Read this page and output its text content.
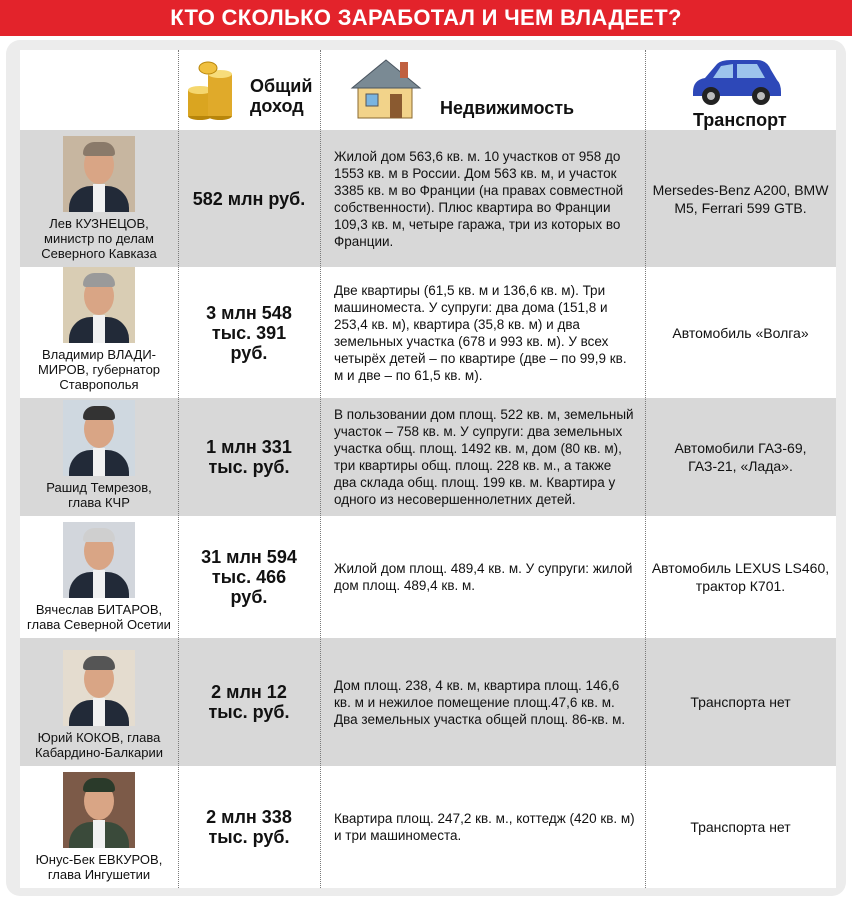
КТО СКОЛЬКО ЗАРАБОТАЛ И ЧЕМ ВЛАДЕЕТ?
Общий
доход	Недвижимость
Транспорт
Лев КУЗНЕЦОВ,
министр по делам
Северного Кавказа
582 млн руб.
Жилой дом 563,6 кв. м. 10 участков от 958 до 1553 кв. м в России. Дом 563 кв. м, и участок 3385 кв. м во Франции (на правах совместной собственности). Плюс квартира во Франции 109,3 кв. м, четыре гаража, три из которых во Франции.
Mersedes-Benz A200, BMW M5, Ferrari 599 GTB.
Владимир ВЛАДИ-
МИРОВ, губернатор
Ставрополья
3 млн 548
тыс. 391
руб.
Две квартиры (61,5 кв. м и 136,6 кв. м). Три машиноместа. У супруги: два дома (151,8 и 253,4 кв. м), квартира (35,8 кв. м) и два земельных участка (678 и 993 кв. м). У всех четырёх детей – по квартире (две – по 99,9 кв. м и две – по 61,5 кв. м).
Автомобиль «Волга»
Рашид Темрезов,
глава КЧР
1 млн 331
тыс. руб.
В пользовании дом площ. 522 кв. м, земельный участок – 758 кв. м. У супруги: два земельных участка общ. площ. 1492 кв. м, дом (80 кв. м), три квартиры общ. площ. 228 кв. м., а также два склада общ. площ. 199 кв. м. Квартира у одного из несовершеннолетних детей.
Автомобили ГАЗ-69, ГАЗ-21, «Лада».
Вячеслав БИТАРОВ,
глава Северной Осетии
31 млн 594
тыс. 466
руб.
Жилой дом площ. 489,4 кв. м. У супруги: жилой дом площ. 489,4 кв. м.
Автомобиль LEXUS LS460, трактор К701.
Юрий КОКОВ, глава
Кабардино-Балкарии
2 млн 12
тыс. руб.
Дом площ. 238, 4 кв. м, квартира площ. 146,6 кв. м и нежилое помещение площ.47,6 кв. м. Два земельных участка общей площ. 86-кв. м.
Транспорта нет
Юнус-Бек ЕВКУРОВ,
глава Ингушетии
2 млн 338
тыс. руб.
Квартира площ. 247,2 кв. м., коттедж (420 кв. м) и три машиноместа.
Транспорта нет
